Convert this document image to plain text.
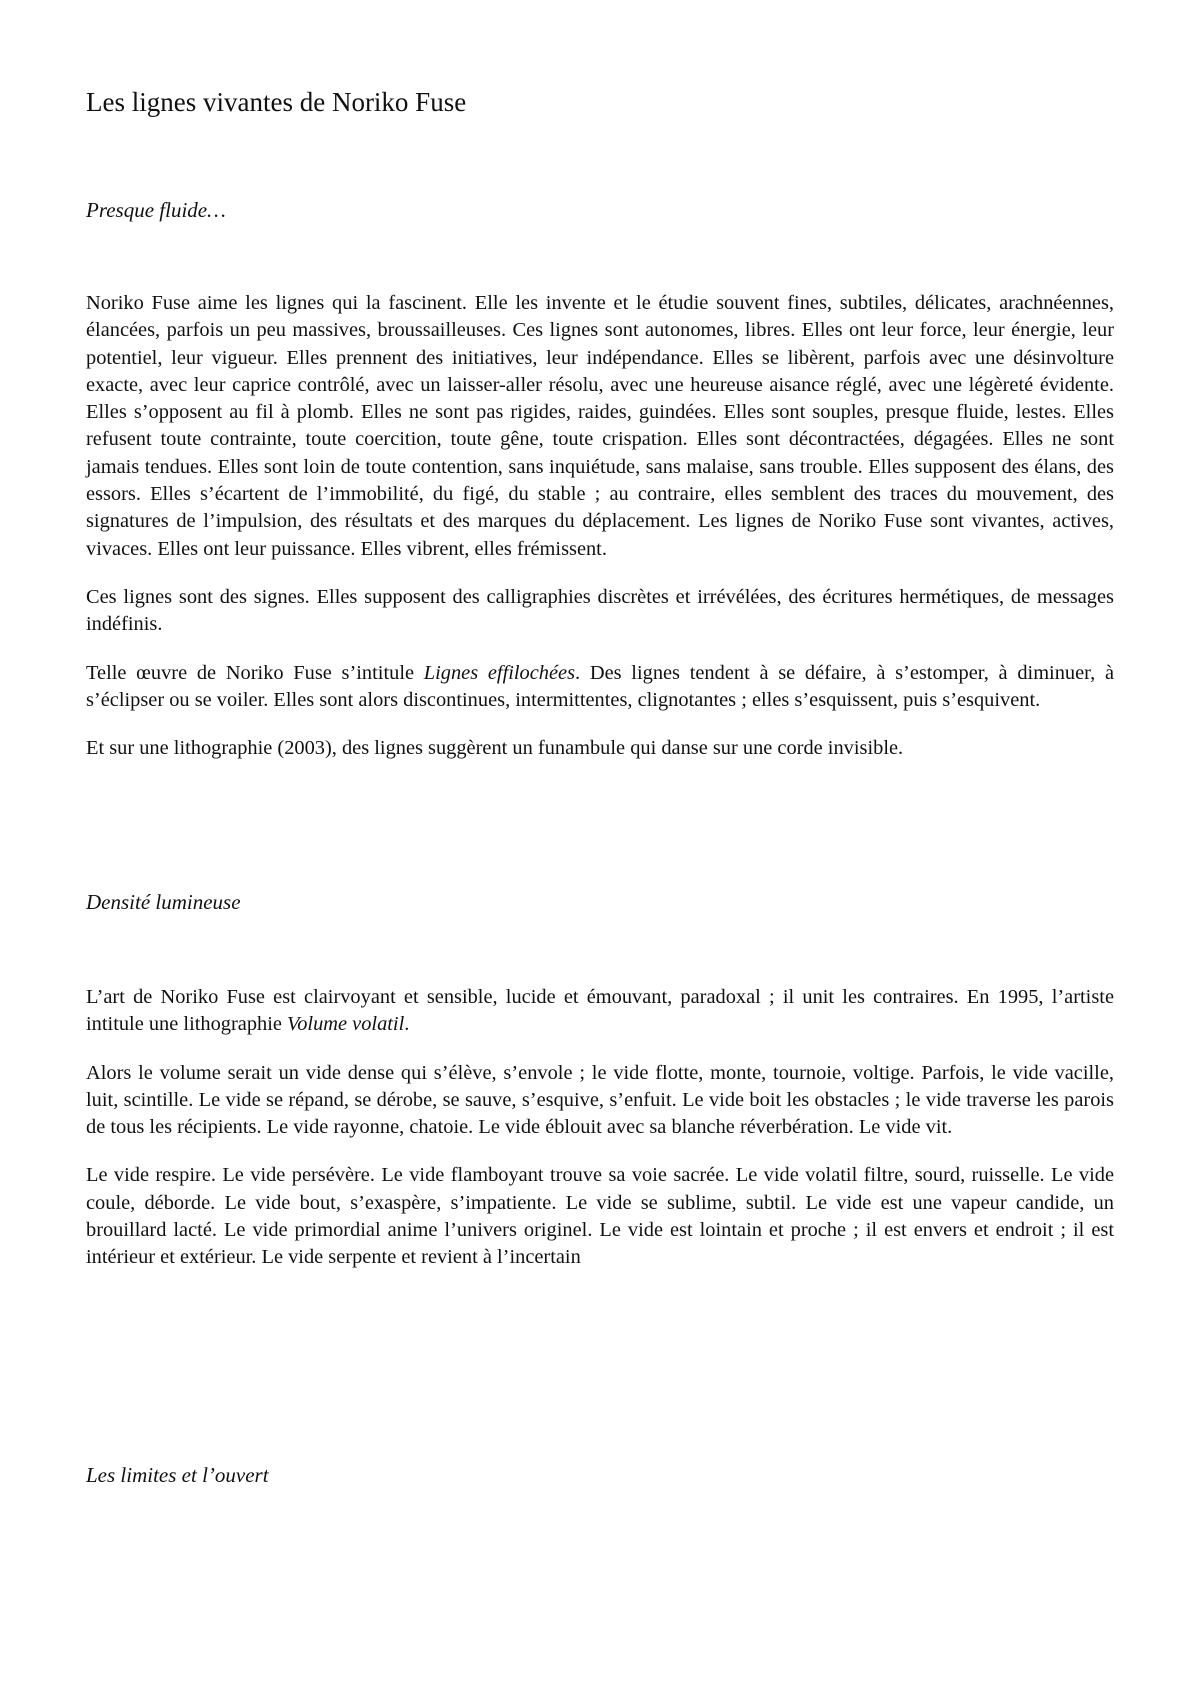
Les lignes vivantes de Noriko Fuse
Presque fluide…

Noriko Fuse aime les lignes qui la fascinent. Elle les invente et le étudie souvent fines, subtiles, délicates, arachnéennes, élancées, parfois un peu massives, broussailleuses. Ces lignes sont autonomes, libres. Elles ont leur force, leur énergie, leur potentiel, leur vigueur. Elles prennent des initiatives, leur indépendance. Elles se libèrent, parfois avec une désinvolture exacte, avec leur caprice contrôlé, avec un laisser-aller résolu, avec une heureuse aisance réglé, avec une légèreté évidente. Elles s’opposent au fil à plomb. Elles ne sont pas rigides, raides, guindées. Elles sont souples, presque fluide, lestes. Elles refusent toute contrainte, toute coercition, toute gêne, toute crispation. Elles sont décontractées, dégagées. Elles ne sont jamais tendues. Elles sont loin de toute contention, sans inquiétude, sans malaise, sans trouble. Elles supposent des élans, des essors. Elles s’écartent de l’immobilité, du figé, du stable ; au contraire, elles semblent des traces du mouvement, des signatures de l’impulsion, des résultats et des marques du déplacement. Les lignes de Noriko Fuse sont vivantes, actives, vivaces. Elles ont leur puissance. Elles vibrent, elles frémissent.

Ces lignes sont des signes. Elles supposent des calligraphies discrètes et irrévélées, des écritures hermétiques, de messages indéfinis.

Telle œuvre de Noriko Fuse s’intitule Lignes effilochées. Des lignes tendent à se défaire, à s’estomper, à diminuer, à s’éclipser ou se voiler. Elles sont alors discontinues, intermittentes, clignotantes ; elles s’esquissent, puis s’esquivent.

Et sur une lithographie (2003), des lignes suggèrent un funambule qui danse sur une corde invisible.

Densité lumineuse

L’art de Noriko Fuse est clairvoyant et sensible, lucide et émouvant, paradoxal ; il unit les contraires. En 1995, l’artiste intitule une lithographie Volume volatil.

Alors le volume serait un vide dense qui s’élève, s’envole ; le vide flotte, monte, tournoie, voltige. Parfois, le vide vacille, luit, scintille. Le vide se répand, se dérobe, se sauve, s’esquive, s’enfuit. Le vide boit les obstacles ; le vide traverse les parois de tous les récipients. Le vide rayonne, chatoie. Le vide éblouit avec sa blanche réverbération. Le vide vit.

Le vide respire. Le vide persévère. Le vide flamboyant trouve sa voie sacrée. Le vide volatil filtre, sourd, ruisselle. Le vide coule, déborde. Le vide bout, s’exaspère, s’impatiente. Le vide se sublime, subtil. Le vide est une vapeur candide, un brouillard lacté. Le vide primordial anime l’univers originel. Le vide est lointain et proche ; il est envers et endroit ; il est intérieur et extérieur. Le vide serpente et revient à l’incertain

Les limites et l’ouvert
